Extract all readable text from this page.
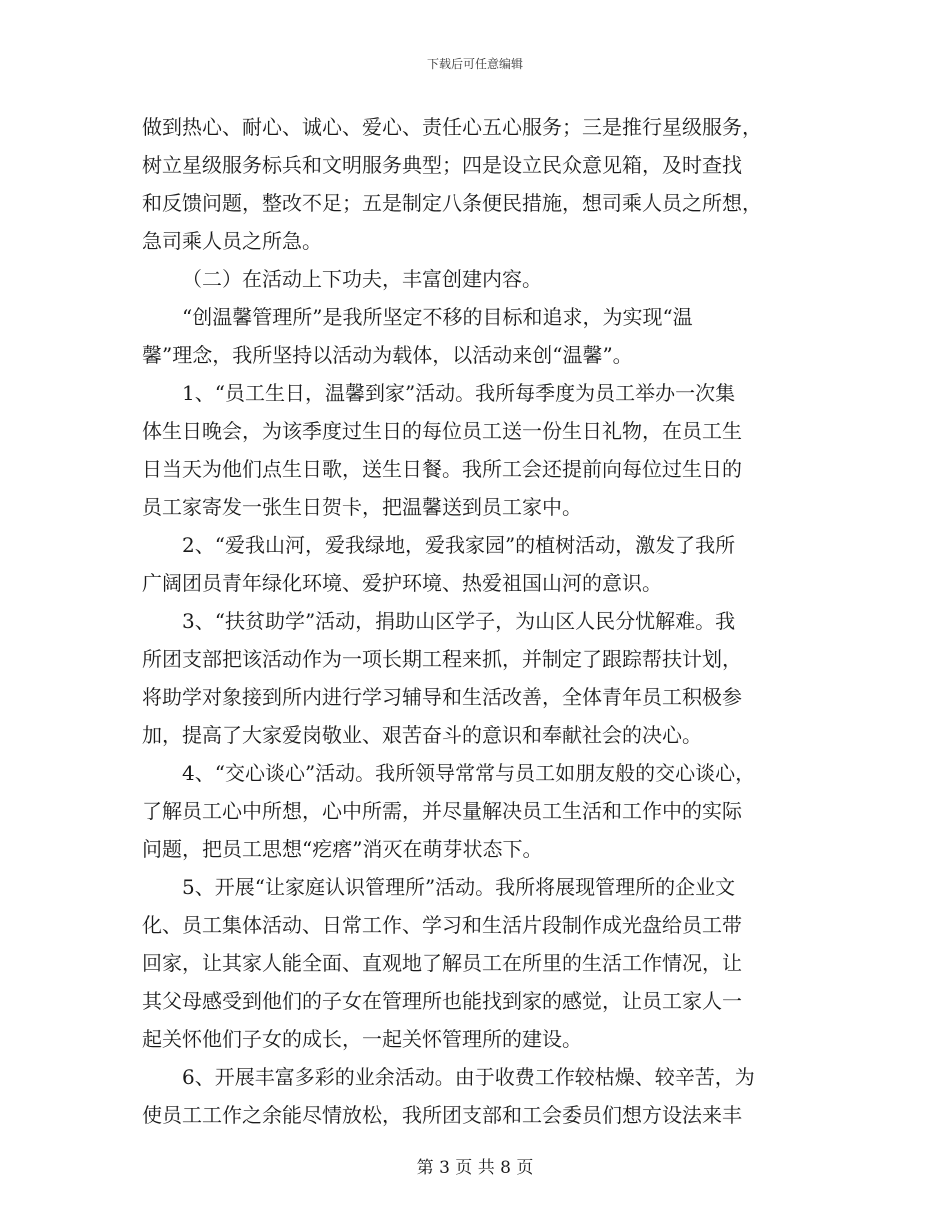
下载后可任意编辑
做到热心、耐心、诚心、爱心、责任心五心服务；三是推行星级服务，
树立星级服务标兵和文明服务典型；四是设立民众意见箱，及时查找
和反馈问题，整改不足；五是制定八条便民措施，想司乘人员之所想，
急司乘人员之所急。
（二）在活动上下功夫，丰富创建内容。
“创温馨管理所”是我所坚定不移的目标和追求，为实现“温
馨”理念，我所坚持以活动为载体，以活动来创“温馨”。
1、“员工生日，温馨到家”活动。我所每季度为员工举办一次集
体生日晚会，为该季度过生日的每位员工送一份生日礼物，在员工生
日当天为他们点生日歌，送生日餐。我所工会还提前向每位过生日的
员工家寄发一张生日贺卡，把温馨送到员工家中。
2、“爱我山河，爱我绿地，爱我家园”的植树活动，激发了我所
广阔团员青年绿化环境、爱护环境、热爱祖国山河的意识。
3、“扶贫助学”活动，捐助山区学子，为山区人民分忧解难。我
所团支部把该活动作为一项长期工程来抓，并制定了跟踪帮扶计划，
将助学对象接到所内进行学习辅导和生活改善，全体青年员工积极参
加，提高了大家爱岗敬业、艰苦奋斗的意识和奉献社会的决心。
4、“交心谈心”活动。我所领导常常与员工如朋友般的交心谈心，
了解员工心中所想，心中所需，并尽量解决员工生活和工作中的实际
问题，把员工思想“疙瘩”消灭在萌芽状态下。
5、开展“让家庭认识管理所”活动。我所将展现管理所的企业文
化、员工集体活动、日常工作、学习和生活片段制作成光盘给员工带
回家，让其家人能全面、直观地了解员工在所里的生活工作情况，让
其父母感受到他们的子女在管理所也能找到家的感觉，让员工家人一
起关怀他们子女的成长，一起关怀管理所的建设。
6、开展丰富多彩的业余活动。由于收费工作较枯燥、较辛苦，为
使员工工作之余能尽情放松，我所团支部和工会委员们想方设法来丰
第 3 页 共 8 页
